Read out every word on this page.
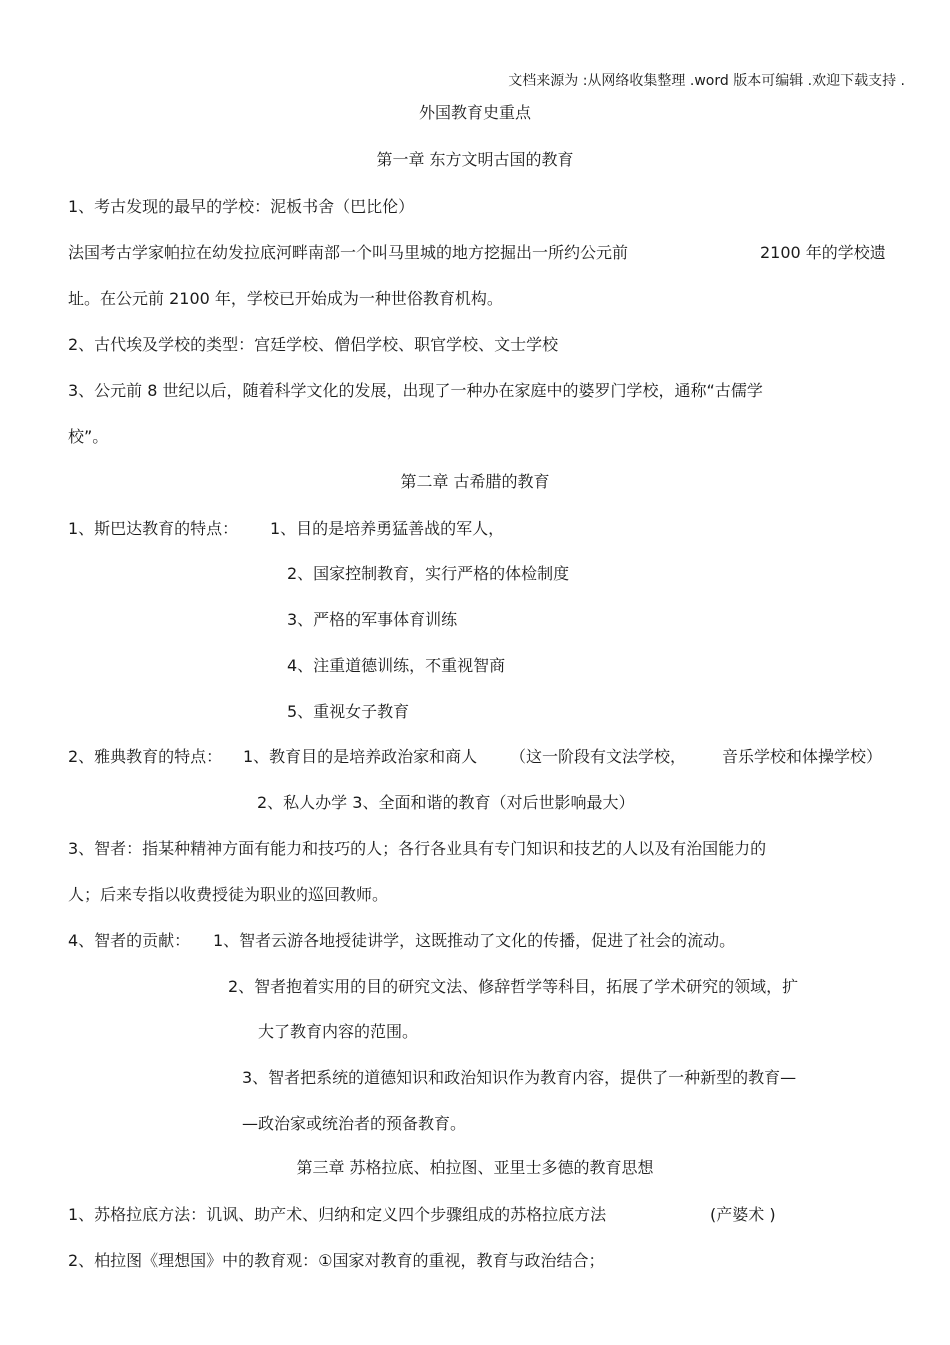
文档来源为 :从网络收集整理 .word 版本可编辑 .欢迎下载支持 .
外国教育史重点
第一章 东方文明古国的教育
1、考古发现的最早的学校：泥板书舍（巴比伦）
法国考古学家帕拉在幼发拉底河畔南部一个叫马里城的地方挖掘出一所约公元前	2100 年的学校遗
址。在公元前 2100 年，学校已开始成为一种世俗教育机构。
2、古代埃及学校的类型：宫廷学校、僧侣学校、职官学校、文士学校
3、公元前 8 世纪以后，随着科学文化的发展，出现了一种办在家庭中的婆罗门学校，通称“古儒学
校”。
第二章 古希腊的教育
1、斯巴达教育的特点： 1、目的是培养勇猛善战的军人，
2、国家控制教育，实行严格的体检制度
3、严格的军事体育训练
4、注重道德训练，不重视智商
5、重视女子教育
2、雅典教育的特点： 1、教育目的是培养政治家和商人 （这一阶段有文法学校， 音乐学校和体操学校）
2、私人办学 3、全面和谐的教育（对后世影响最大）
3、智者：指某种精神方面有能力和技巧的人；各行各业具有专门知识和技艺的人以及有治国能力的
人；后来专指以收费授徒为职业的巡回教师。
4、智者的贡献： 1、智者云游各地授徒讲学，这既推动了文化的传播，促进了社会的流动。
2、智者抱着实用的目的研究文法、修辞哲学等科目，拓展了学术研究的领域，扩
大了教育内容的范围。
3、智者把系统的道德知识和政治知识作为教育内容，提供了一种新型的教育—
—政治家或统治者的预备教育。
第三章 苏格拉底、柏拉图、亚里士多德的教育思想
1、苏格拉底方法：讥讽、助产术、归纳和定义四个步骤组成的苏格拉底方法	(产婆术 )
2、柏拉图《理想国》中的教育观：①国家对教育的重视，教育与政治结合；
